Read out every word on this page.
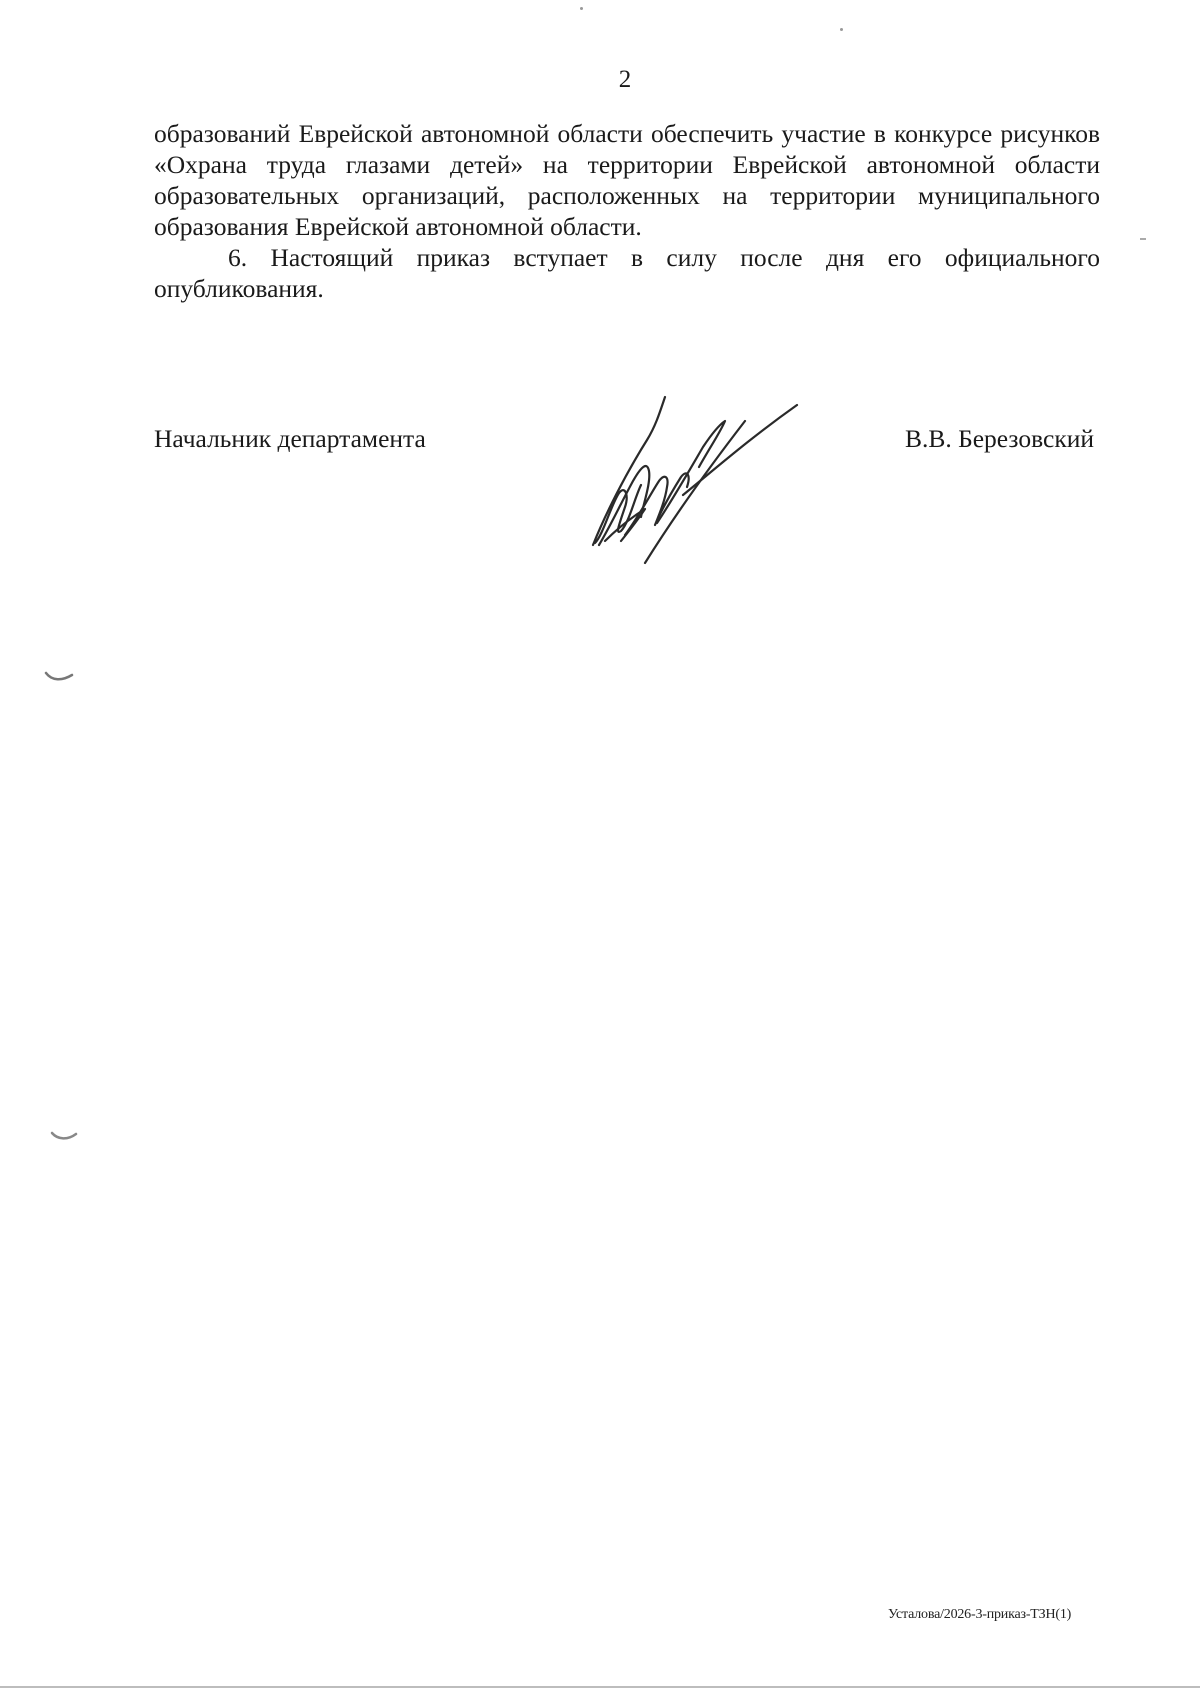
2

образований Еврейской автономной области обеспечить участие в конкурсе рисунков «Охрана труда глазами детей» на территории Еврейской автономной области образовательных организаций, расположенных на территории муниципального образования Еврейской автономной области.

6. Настоящий приказ вступает в силу после дня его официального опубликования.

Начальник департамента	В.В. Березовский
Усталова/2026-3-приказ-ТЗН(1)
